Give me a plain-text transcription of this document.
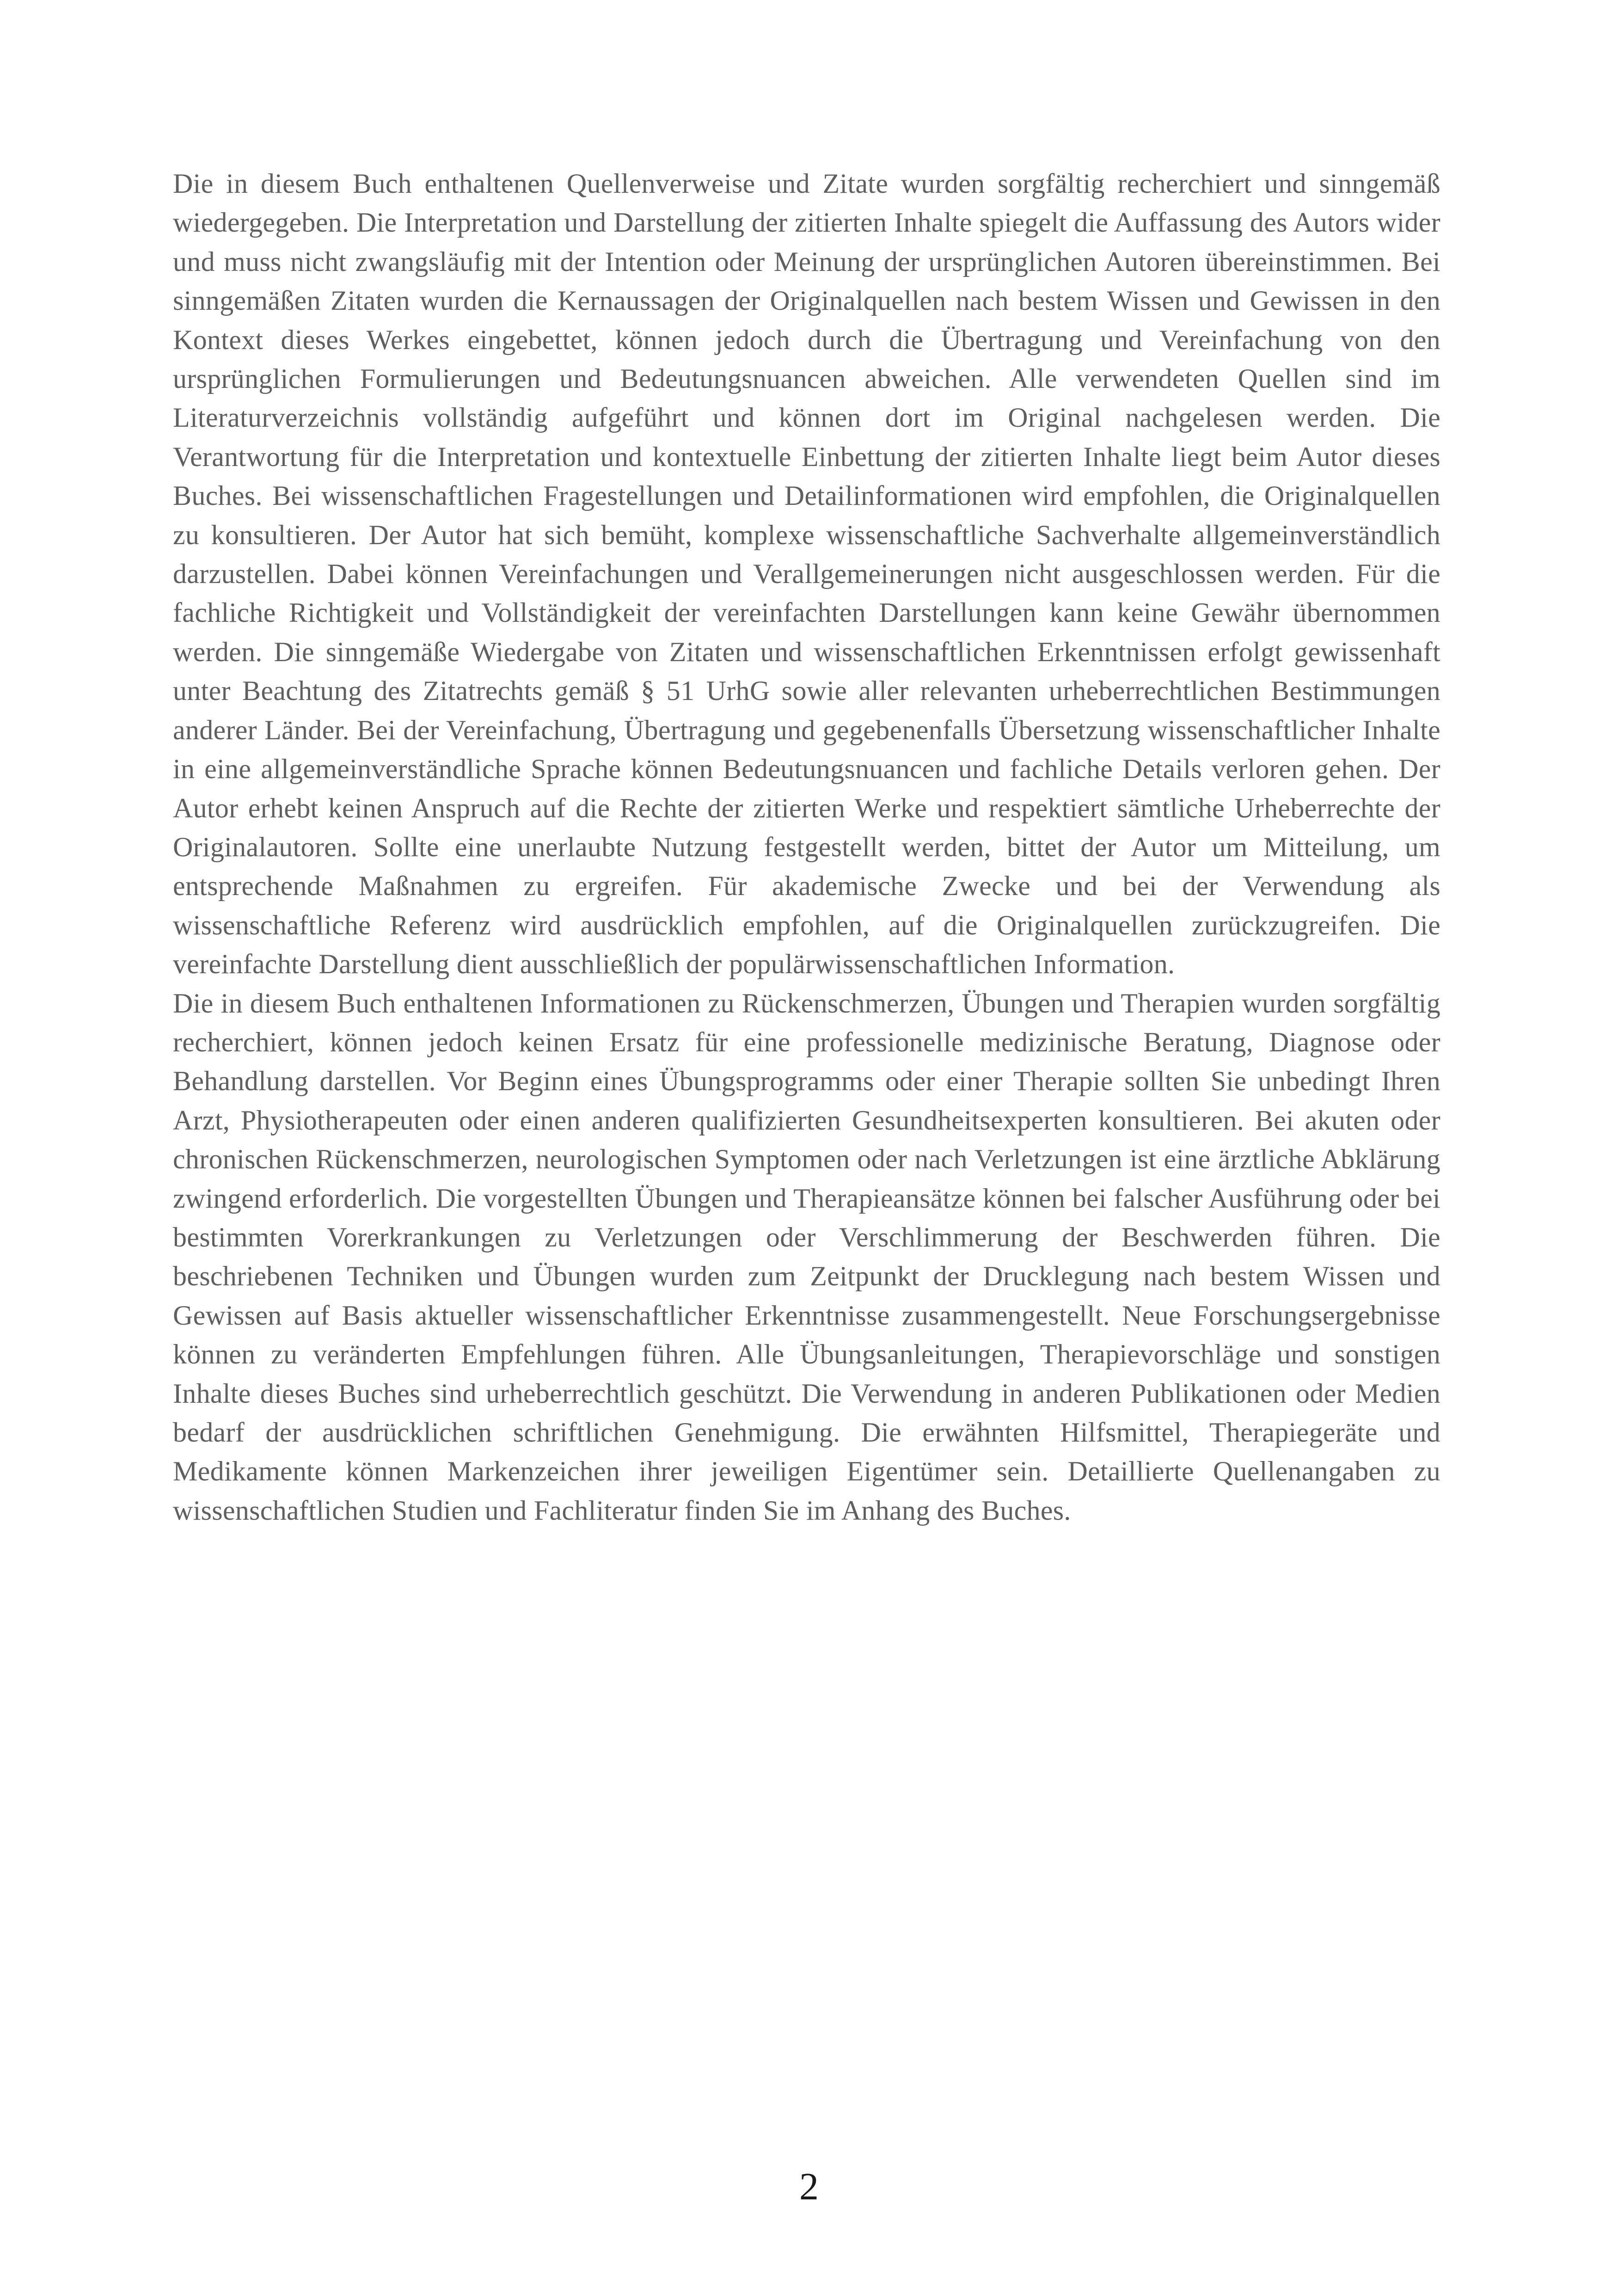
Die in diesem Buch enthaltenen Quellenverweise und Zitate wurden sorgfältig recherchiert und sinngemäß wiedergegeben. Die Interpretation und Darstellung der zitierten Inhalte spiegelt die Auffassung des Autors wider und muss nicht zwangsläufig mit der Intention oder Meinung der ursprünglichen Autoren übereinstimmen. Bei sinngemäßen Zitaten wurden die Kernaussagen der Originalquellen nach bestem Wissen und Gewissen in den Kontext dieses Werkes eingebettet, können jedoch durch die Übertragung und Vereinfachung von den ursprünglichen Formulierungen und Bedeutungsnuancen abweichen. Alle verwendeten Quellen sind im Literaturverzeichnis vollständig aufgeführt und können dort im Original nachgelesen werden. Die Verantwortung für die Interpretation und kontextuelle Einbettung der zitierten Inhalte liegt beim Autor dieses Buches. Bei wissenschaftlichen Fragestellungen und Detailinformationen wird empfohlen, die Originalquellen zu konsultieren. Der Autor hat sich bemüht, komplexe wissenschaftliche Sachverhalte allgemeinverständlich darzustellen. Dabei können Vereinfachungen und Verallgemeinerungen nicht ausgeschlossen werden. Für die fachliche Richtigkeit und Vollständigkeit der vereinfachten Darstellungen kann keine Gewähr übernommen werden. Die sinngemäße Wiedergabe von Zitaten und wissenschaftlichen Erkenntnissen erfolgt gewissenhaft unter Beachtung des Zitatrechts gemäß § 51 UrhG sowie aller relevanten urheberrechtlichen Bestimmungen anderer Länder. Bei der Vereinfachung, Übertragung und gegebenenfalls Übersetzung wissenschaftlicher Inhalte in eine allgemeinverständliche Sprache können Bedeutungsnuancen und fachliche Details verloren gehen. Der Autor erhebt keinen Anspruch auf die Rechte der zitierten Werke und respektiert sämtliche Urheberrechte der Originalautoren. Sollte eine unerlaubte Nutzung festgestellt werden, bittet der Autor um Mitteilung, um entsprechende Maßnahmen zu ergreifen. Für akademische Zwecke und bei der Verwendung als wissenschaftliche Referenz wird ausdrücklich empfohlen, auf die Originalquellen zurückzugreifen. Die vereinfachte Darstellung dient ausschließlich der populärwissenschaftlichen Information.

Die in diesem Buch enthaltenen Informationen zu Rückenschmerzen, Übungen und Therapien wurden sorgfältig recherchiert, können jedoch keinen Ersatz für eine professionelle medizinische Beratung, Diagnose oder Behandlung darstellen. Vor Beginn eines Übungsprogramms oder einer Therapie sollten Sie unbedingt Ihren Arzt, Physiotherapeuten oder einen anderen qualifizierten Gesundheitsexperten konsultieren. Bei akuten oder chronischen Rückenschmerzen, neurologischen Symptomen oder nach Verletzungen ist eine ärztliche Abklärung zwingend erforderlich. Die vorgestellten Übungen und Therapieansätze können bei falscher Ausführung oder bei bestimmten Vorerkrankungen zu Verletzungen oder Verschlimmerung der Beschwerden führen. Die beschriebenen Techniken und Übungen wurden zum Zeitpunkt der Drucklegung nach bestem Wissen und Gewissen auf Basis aktueller wissenschaftlicher Erkenntnisse zusammengestellt. Neue Forschungsergebnisse können zu veränderten Empfehlungen führen. Alle Übungsanleitungen, Therapievorschläge und sonstigen Inhalte dieses Buches sind urheberrechtlich geschützt. Die Verwendung in anderen Publikationen oder Medien bedarf der ausdrücklichen schriftlichen Genehmigung. Die erwähnten Hilfsmittel, Therapiegeräte und Medikamente können Markenzeichen ihrer jeweiligen Eigentümer sein. Detaillierte Quellenangaben zu wissenschaftlichen Studien und Fachliteratur finden Sie im Anhang des Buches.

2
